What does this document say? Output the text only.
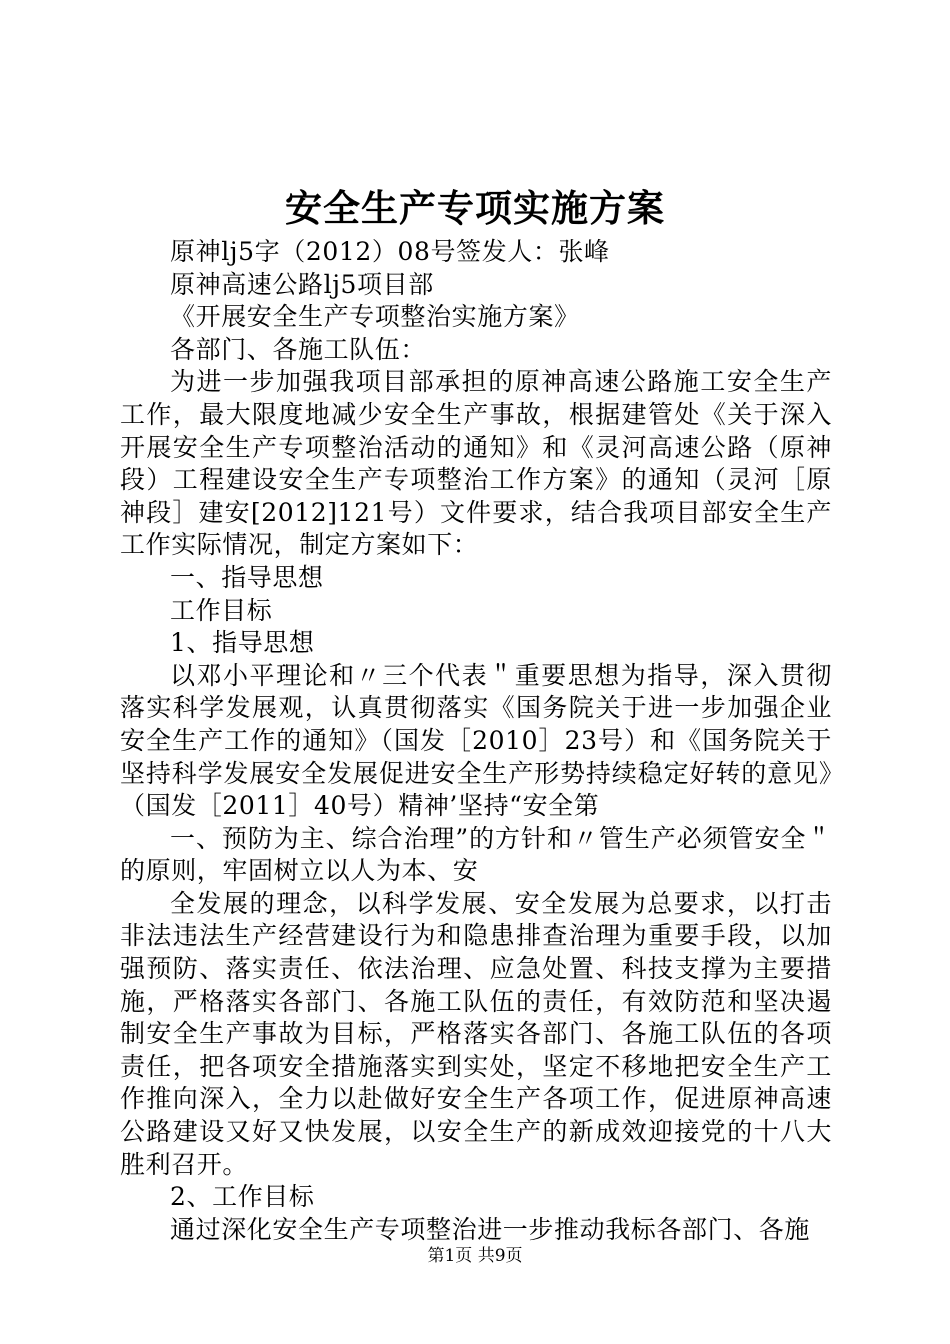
安全生产专项实施方案

原神lj5字（2012）08号签发人：张峰

原神高速公路lj5项目部

《开展安全生产专项整治实施方案》

各部门、各施工队伍：

为进一步加强我项目部承担的原神高速公路施工安全生产工作，最大限度地减少安全生产事故，根据建管处《关于深入开展安全生产专项整治活动的通知》和《灵河高速公路（原神段）工程建设安全生产专项整治工作方案》的通知（灵河［原神段］建安[2012]121号）文件要求，结合我项目部安全生产工作实际情况，制定方案如下：

一、指导思想

工作目标

1、指导思想

以邓小平理论和〃三个代表＂重要思想为指导，深入贯彻落实科学发展观，认真贯彻落实《国务院关于进一步加强企业安全生产工作的通知》（国发［2010］23号）和《国务院关于坚持科学发展安全发展促进安全生产形势持续稳定好转的意见》（国发［2011］40号）精神’坚持“安全第

一、预防为主、综合治理”的方针和〃管生产必须管安全＂的原则，牢固树立以人为本、安

全发展的理念，以科学发展、安全发展为总要求，以打击非法违法生产经营建设行为和隐患排查治理为重要手段，以加强预防、落实责任、依法治理、应急处置、科技支撑为主要措施，严格落实各部门、各施工队伍的责任，有效防范和坚决遏制安全生产事故为目标，严格落实各部门、各施工队伍的各项责任，把各项安全措施落实到实处，坚定不移地把安全生产工作推向深入，全力以赴做好安全生产各项工作，促进原神高速公路建设又好又快发展，以安全生产的新成效迎接党的十八大胜利召开。

2、工作目标

通过深化安全生产专项整治进一步推动我标各部门、各施

第1页 共9页
